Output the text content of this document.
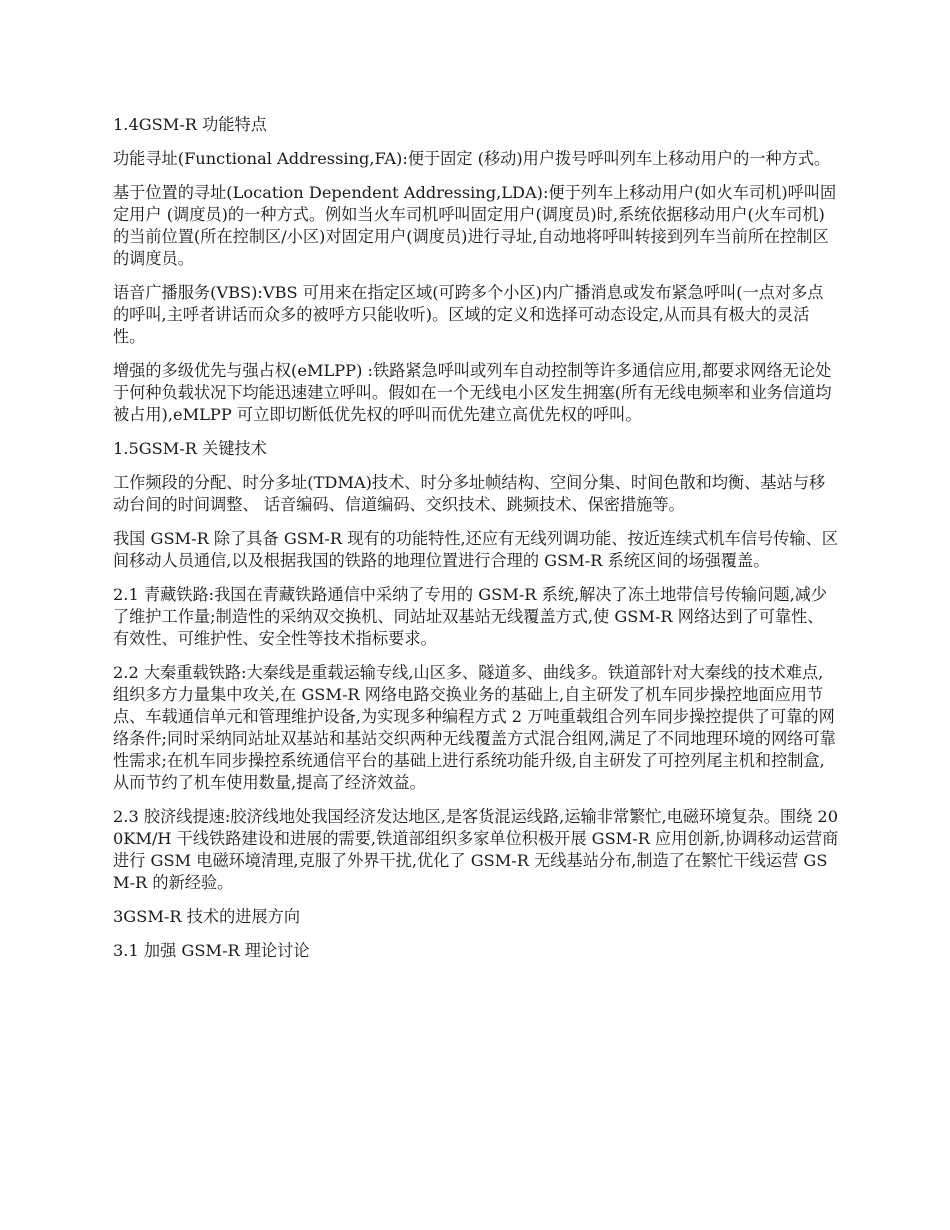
1.4GSM-R 功能特点
功能寻址(Functional Addressing,FA):便于固定 (移动)用户拨号呼叫列车上移动用户的一种方式。
基于位置的寻址(Location Dependent Addressing,LDA):便于列车上移动用户(如火车司机)呼叫固定用户 (调度员)的一种方式。例如当火车司机呼叫固定用户(调度员)时,系统依据移动用户(火车司机)的当前位置(所在控制区/小区)对固定用户(调度员)进行寻址,自动地将呼叫转接到列车当前所在控制区的调度员。
语音广播服务(VBS):VBS 可用来在指定区域(可跨多个小区)内广播消息或发布紧急呼叫(一点对多点的呼叫,主呼者讲话而众多的被呼方只能收听)。区域的定义和选择可动态设定,从而具有极大的灵活性。
增强的多级优先与强占权(eMLPP) :铁路紧急呼叫或列车自动控制等许多通信应用,都要求网络无论处于何种负载状况下均能迅速建立呼叫。假如在一个无线电小区发生拥塞(所有无线电频率和业务信道均被占用),eMLPP 可立即切断低优先权的呼叫而优先建立高优先权的呼叫。
1.5GSM-R 关键技术
工作频段的分配、时分多址(TDMA)技术、时分多址帧结构、空间分集、时间色散和均衡、基站与移动台间的时间调整、 话音编码、信道编码、交织技术、跳频技术、保密措施等。
我国 GSM-R 除了具备 GSM-R 现有的功能特性,还应有无线列调功能、按近连续式机车信号传输、区间移动人员通信,以及根据我国的铁路的地理位置进行合理的 GSM-R 系统区间的场强覆盖。
2.1 青藏铁路:我国在青藏铁路通信中采纳了专用的 GSM-R 系统,解决了冻土地带信号传输问题,减少了维护工作量;制造性的采纳双交换机、同站址双基站无线覆盖方式,使 GSM-R 网络达到了可靠性、有效性、可维护性、安全性等技术指标要求。
2.2 大秦重载铁路:大秦线是重载运输专线,山区多、隧道多、曲线多。铁道部针对大秦线的技术难点,组织多方力量集中攻关,在 GSM-R 网络电路交换业务的基础上,自主研发了机车同步操控地面应用节点、车载通信单元和管理维护设备,为实现多种编程方式 2 万吨重载组合列车同步操控提供了可靠的网络条件;同时采纳同站址双基站和基站交织两种无线覆盖方式混合组网,满足了不同地理环境的网络可靠性需求;在机车同步操控系统通信平台的基础上进行系统功能升级,自主研发了可控列尾主机和控制盒,从而节约了机车使用数量,提高了经济效益。
2.3 胶济线提速:胶济线地处我国经济发达地区,是客货混运线路,运输非常繁忙,电磁环境复杂。围绕 200KM/H 干线铁路建设和进展的需要,铁道部组织多家单位积极开展 GSM-R 应用创新,协调移动运营商进行 GSM 电磁环境清理,克服了外界干扰,优化了 GSM-R 无线基站分布,制造了在繁忙干线运营 GSM-R 的新经验。
3GSM-R 技术的进展方向
3.1 加强 GSM-R 理论讨论
